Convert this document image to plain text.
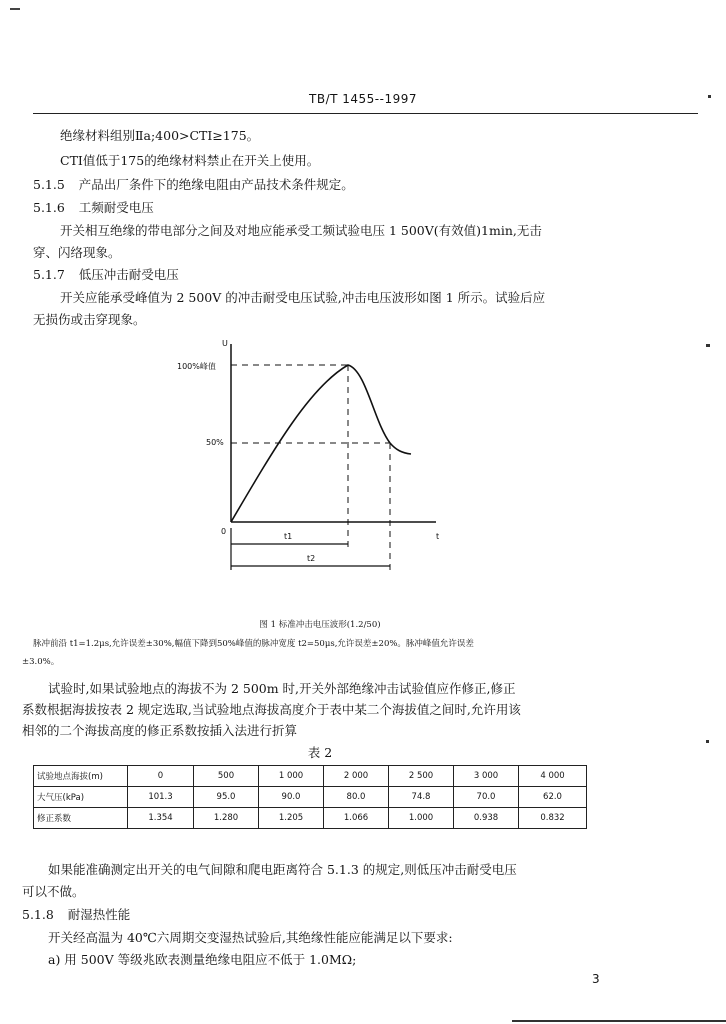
TB/T 1455--1997
绝缘材料组别Ⅱa;400>CTI≥175。
CTI值低于175的绝缘材料禁止在开关上使用。
5.1.5 产品出厂条件下的绝缘电阻由产品技术条件规定。
5.1.6 工频耐受电压
开关相互绝缘的带电部分之间及对地应能承受工频试验电压 1 500V(有效值)1min,无击
穿、闪络现象。
5.1.7 低压冲击耐受电压
开关应能承受峰值为 2 500V 的冲击耐受电压试验,冲击电压波形如图 1 所示。试验后应
无损伤或击穿现象。
U
t
0
100%峰值
50%
t1
t2
图 1 标准冲击电压波形(1.2/50)
脉冲前沿 t1=1.2μs,允许误差±30%,幅值下降到50%峰值的脉冲宽度 t2=50μs,允许误差±20%。脉冲峰值允许误差
±3.0%。
试验时,如果试验地点的海拔不为 2 500m 时,开关外部绝缘冲击试验值应作修正,修正
系数根据海拔按表 2 规定选取,当试验地点海拔高度介于表中某二个海拔值之间时,允许用该
相邻的二个海拔高度的修正系数按插入法进行折算
表 2
试验地点海拔(m)	0	500	1 000	2 000	2 500	3 000	4 000
大气压(kPa)	101.3	95.0	90.0	80.0	74.8	70.0	62.0
修正系数	1.354	1.280	1.205	1.066	1.000	0.938	0.832
如果能准确测定出开关的电气间隙和爬电距离符合 5.1.3 的规定,则低压冲击耐受电压
可以不做。
5.1.8 耐湿热性能
开关经高温为 40℃六周期交变湿热试验后,其绝缘性能应能满足以下要求:
a) 用 500V 等级兆欧表测量绝缘电阻应不低于 1.0MΩ;
3
